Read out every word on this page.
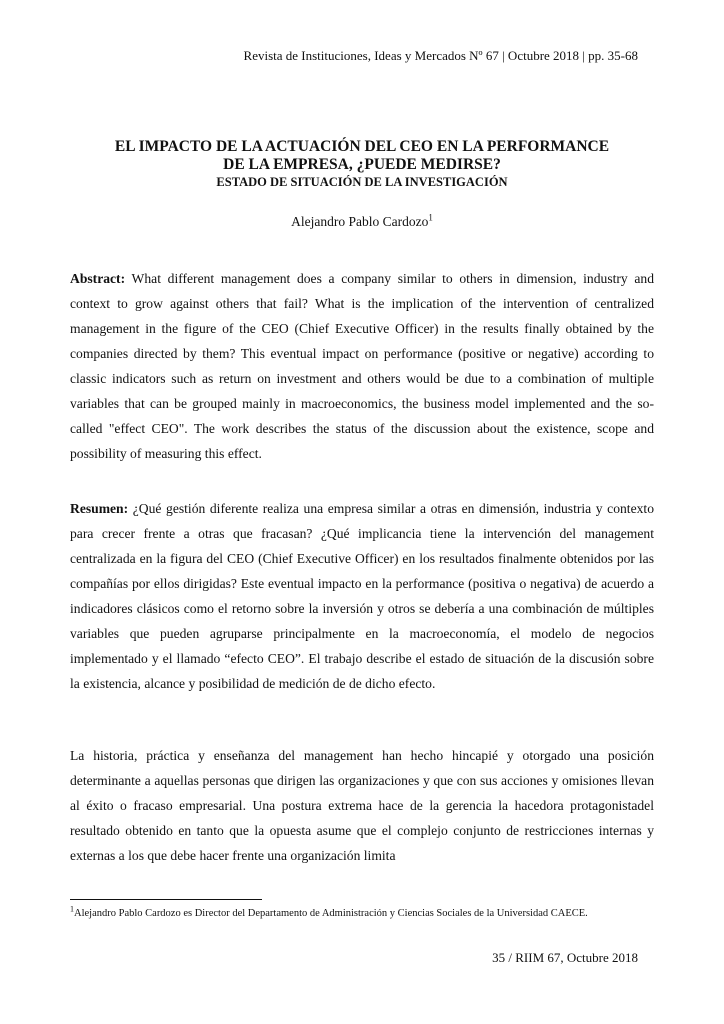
Revista de Instituciones, Ideas y Mercados Nº 67 | Octubre 2018 | pp. 35-68
EL IMPACTO DE LA ACTUACIÓN DEL CEO EN LA PERFORMANCE
DE LA EMPRESA, ¿PUEDE MEDIRSE?
ESTADO DE SITUACIÓN DE LA INVESTIGACIÓN
Alejandro Pablo Cardozo$^1$

Abstract: What different management does a company similar to others in dimension, industry and context to grow against others that fail? What is the implication of the intervention of centralized management in the figure of the CEO (Chief Executive Officer) in the results finally obtained by the companies directed by them? This eventual impact on performance (positive or negative) according to classic indicators such as return on investment and others would be due to a combination of multiple variables that can be grouped mainly in macroeconomics, the business model implemented and the so-called "effect CEO". The work describes the status of the discussion about the existence, scope and possibility of measuring this effect.

Resumen: ¿Qué gestión diferente realiza una empresa similar a otras en dimensión, industria y contexto para crecer frente a otras que fracasan? ¿Qué implicancia tiene la intervención del management centralizada en la figura del CEO (Chief Executive Officer) en los resultados finalmente obtenidos por las compañías por ellos dirigidas? Este eventual impacto en la performance (positiva o negativa) de acuerdo a indicadores clásicos como el retorno sobre la inversión y otros se debería a una combinación de múltiples variables que pueden agruparse principalmente en la macroeconomía, el modelo de negocios implementado y el llamado “efecto CEO”. El trabajo describe el estado de situación de la discusión sobre la existencia, alcance y posibilidad de medición de de dicho efecto.

La historia, práctica y enseñanza del management han hecho hincapié y otorgado una posición determinante a aquellas personas que dirigen las organizaciones y que con sus acciones y omisiones llevan al éxito o fracaso empresarial. Una postura extrema hace de la gerencia la hacedora protagonistadel resultado obtenido en tanto que la opuesta asume que el complejo conjunto de restricciones internas y externas a los que debe hacer frente una organización limita

$^1$Alejandro Pablo Cardozo es Director del Departamento de Administración y Ciencias Sociales de la Universidad CAECE.
35 / RIIM 67, Octubre 2018
